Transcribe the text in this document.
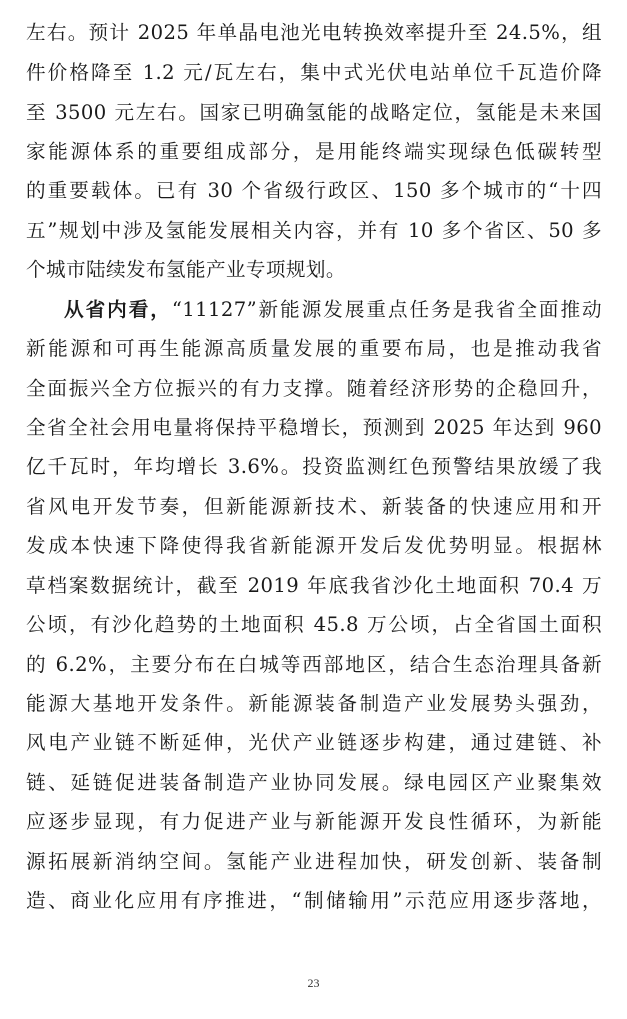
左右。预计 2025 年单晶电池光电转换效率提升至 24.5%，组
件价格降至 1.2 元/瓦左右，集中式光伏电站单位千瓦造价降
至 3500 元左右。国家已明确氢能的战略定位，氢能是未来国
家能源体系的重要组成部分，是用能终端实现绿色低碳转型
的重要载体。已有 30 个省级行政区、150 多个城市的“十四
五”规划中涉及氢能发展相关内容，并有 10 多个省区、50 多
个城市陆续发布氢能产业专项规划。
从省内看，“11127”新能源发展重点任务是我省全面推动
新能源和可再生能源高质量发展的重要布局，也是推动我省
全面振兴全方位振兴的有力支撑。随着经济形势的企稳回升，
全省全社会用电量将保持平稳增长，预测到 2025 年达到 960
亿千瓦时，年均增长 3.6%。投资监测红色预警结果放缓了我
省风电开发节奏，但新能源新技术、新装备的快速应用和开
发成本快速下降使得我省新能源开发后发优势明显。根据林
草档案数据统计，截至 2019 年底我省沙化土地面积 70.4 万
公顷，有沙化趋势的土地面积 45.8 万公顷，占全省国土面积
的 6.2%，主要分布在白城等西部地区，结合生态治理具备新
能源大基地开发条件。新能源装备制造产业发展势头强劲，
风电产业链不断延伸，光伏产业链逐步构建，通过建链、补
链、延链促进装备制造产业协同发展。绿电园区产业聚集效
应逐步显现，有力促进产业与新能源开发良性循环，为新能
源拓展新消纳空间。氢能产业进程加快，研发创新、装备制
造、商业化应用有序推进，“制储输用”示范应用逐步落地，
23
